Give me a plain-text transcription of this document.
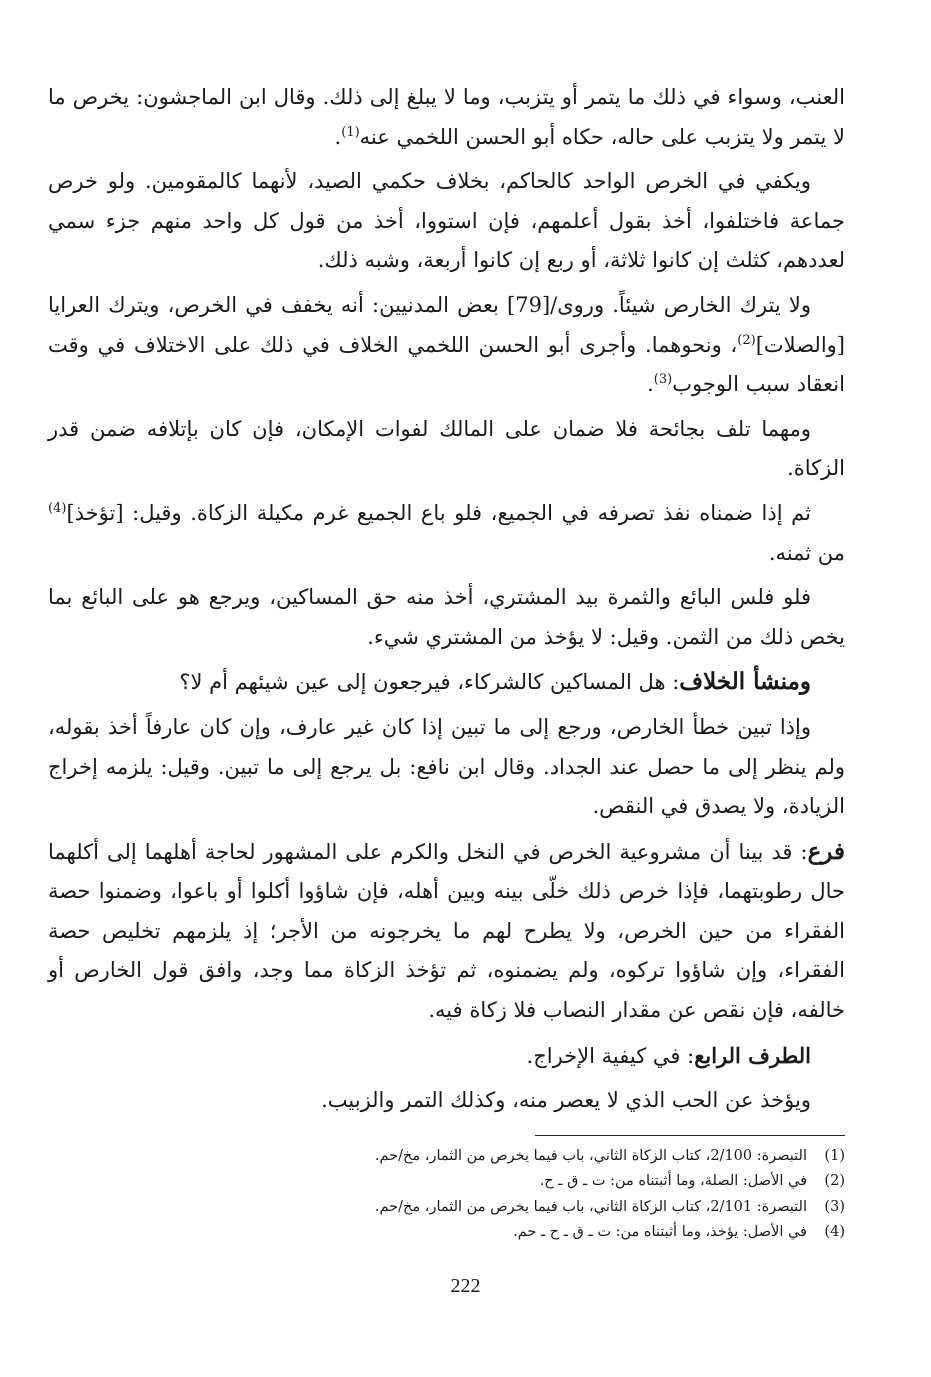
العنب، وسواء في ذلك ما يتمر أو يتزبب، وما لا يبلغ إلى ذلك. وقال ابن الماجشون: يخرص ما لا يتمر ولا يتزبب على حاله، حكاه أبو الحسن اللخمي عنه$^{(1)}$.

ويكفي في الخرص الواحد كالحاكم، بخلاف حكمي الصيد، لأنهما كالمقومين. ولو خرص جماعة فاختلفوا، أخذ بقول أعلمهم، فإن استووا، أخذ من قول كل واحد منهم جزء سمي لعددهم، كثلث إن كانوا ثلاثة، أو ربع إن كانوا أربعة، وشبه ذلك.

ولا يترك الخارص شيئاً. وروى/[79] بعض المدنيين: أنه يخفف في الخرص، ويترك العرايا [والصلات]$^{(2)}$، ونحوهما. وأجرى أبو الحسن اللخمي الخلاف في ذلك على الاختلاف في وقت انعقاد سبب الوجوب$^{(3)}$.

ومهما تلف بجائحة فلا ضمان على المالك لفوات الإمكان، فإن كان بإتلافه ضمن قدر الزكاة.

ثم إذا ضمناه نفذ تصرفه في الجميع، فلو باع الجميع غرم مكيلة الزكاة. وقيل: [تؤخذ]$^{(4)}$ من ثمنه.

فلو فلس البائع والثمرة بيد المشتري، أخذ منه حق المساكين، ويرجع هو على البائع بما يخص ذلك من الثمن. وقيل: لا يؤخذ من المشتري شيء.

ومنشأ الخلاف: هل المساكين كالشركاء، فيرجعون إلى عين شيئهم أم لا؟

وإذا تبين خطأ الخارص، ورجع إلى ما تبين إذا كان غير عارف، وإن كان عارفاً أخذ بقوله، ولم ينظر إلى ما حصل عند الجداد. وقال ابن نافع: بل يرجع إلى ما تبين. وقيل: يلزمه إخراج الزيادة، ولا يصدق في النقص.

فرع: قد بينا أن مشروعية الخرص في النخل والكرم على المشهور لحاجة أهلهما إلى أكلهما حال رطوبتهما، فإذا خرص ذلك خلّى بينه وبين أهله، فإن شاؤوا أكلوا أو باعوا، وضمنوا حصة الفقراء من حين الخرص، ولا يطرح لهم ما يخرجونه من الأجر؛ إذ يلزمهم تخليص حصة الفقراء، وإن شاؤوا تركوه، ولم يضمنوه، ثم تؤخذ الزكاة مما وجد، وافق قول الخارص أو خالفه، فإن نقص عن مقدار النصاب فلا زكاة فيه.

الطرف الرابع: في كيفية الإخراج.

ويؤخذ عن الحب الذي لا يعصر منه، وكذلك التمر والزبيب.

(1)
التبصرة: 2/100، كتاب الزكاة الثاني، باب فيما يخرص من الثمار، مخ/حم.
(2)
في الأصل: الصلة، وما أثبتناه من: ت ـ ق ـ ح.
(3)
التبصرة: 2/101، كتاب الزكاة الثاني، باب فيما يخرص من الثمار، مخ/حم.
(4)
في الأصل: يؤخذ، وما أثبتناه من: ت ـ ق ـ ح ـ حم.
222
